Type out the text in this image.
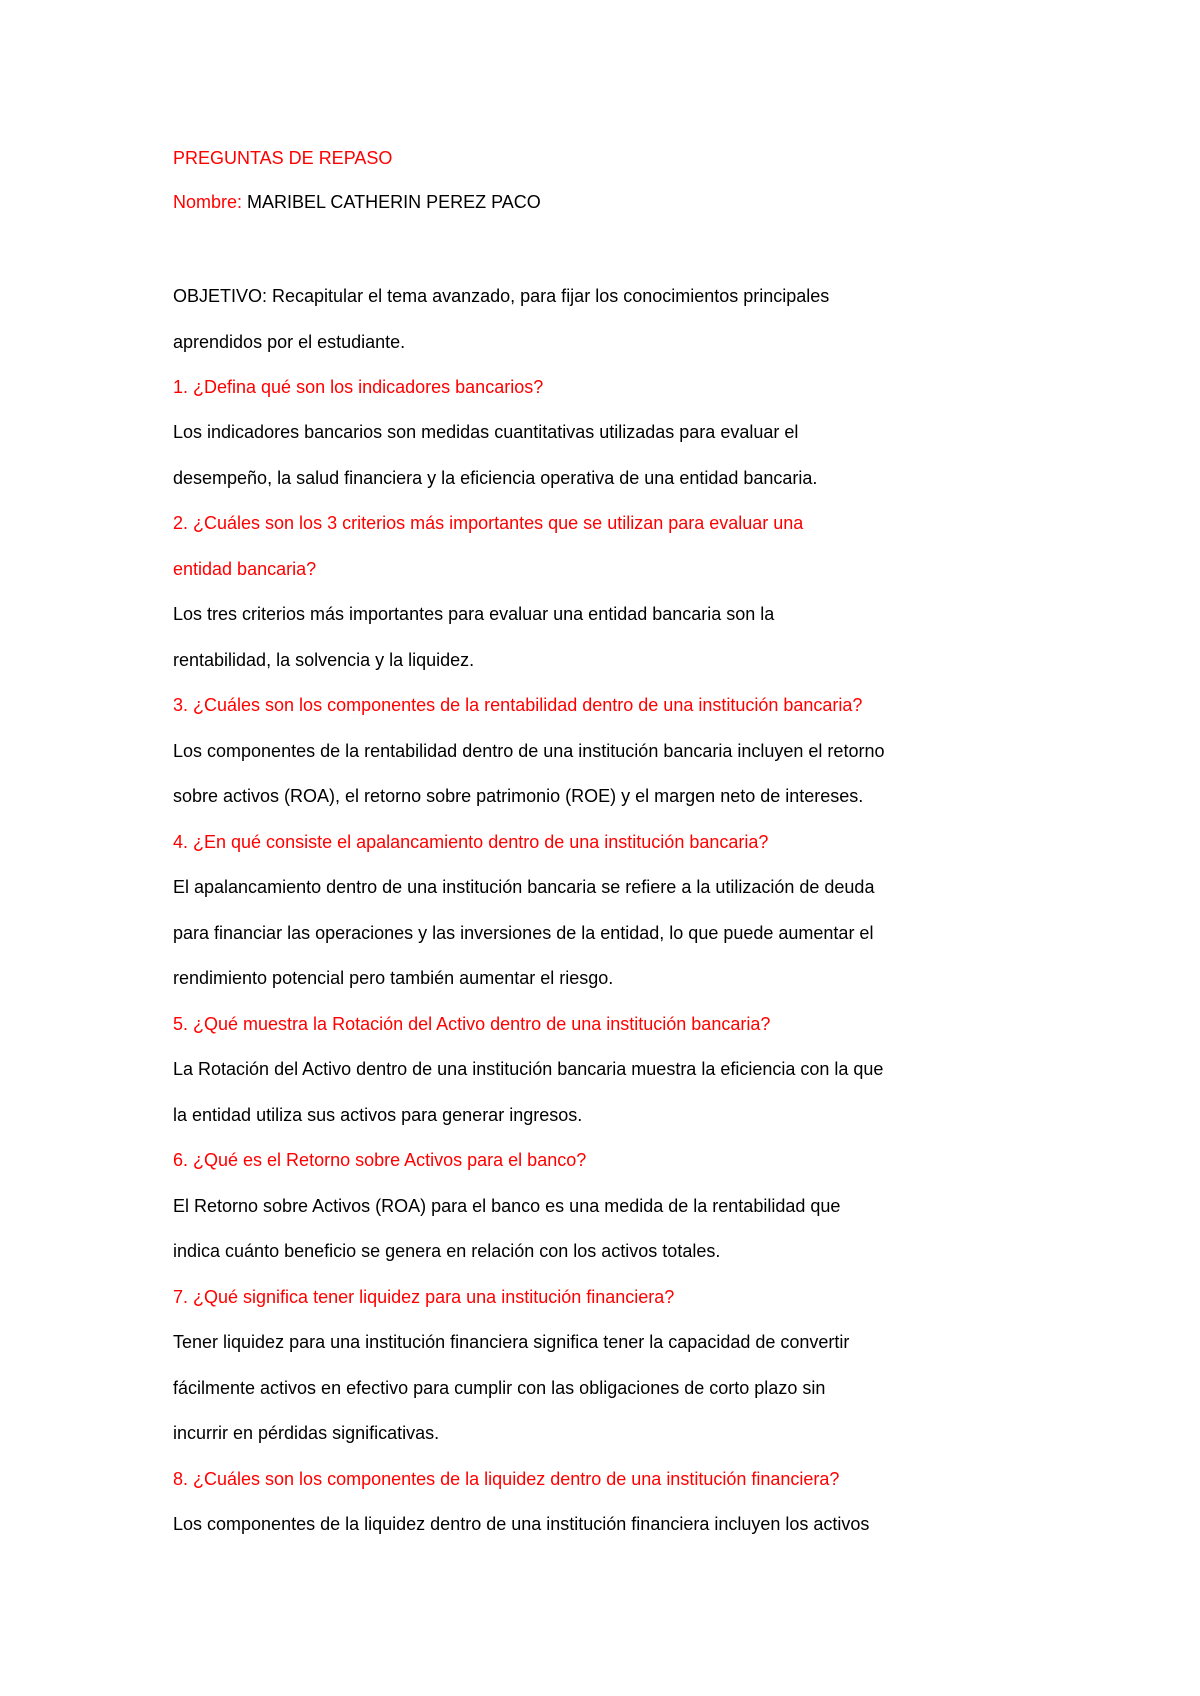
PREGUNTAS DE REPASO
Nombre: MARIBEL CATHERIN PEREZ PACO
OBJETIVO: Recapitular el tema avanzado, para fijar los conocimientos principales
aprendidos por el estudiante.
1. ¿Defina qué son los indicadores bancarios?
Los indicadores bancarios son medidas cuantitativas utilizadas para evaluar el
desempeño, la salud financiera y la eficiencia operativa de una entidad bancaria.
2. ¿Cuáles son los 3 criterios más importantes que se utilizan para evaluar una
entidad bancaria?
Los tres criterios más importantes para evaluar una entidad bancaria son la
rentabilidad, la solvencia y la liquidez.
3. ¿Cuáles son los componentes de la rentabilidad dentro de una institución bancaria?
Los componentes de la rentabilidad dentro de una institución bancaria incluyen el retorno
sobre activos (ROA), el retorno sobre patrimonio (ROE) y el margen neto de intereses.
4. ¿En qué consiste el apalancamiento dentro de una institución bancaria?
El apalancamiento dentro de una institución bancaria se refiere a la utilización de deuda
para financiar las operaciones y las inversiones de la entidad, lo que puede aumentar el
rendimiento potencial pero también aumentar el riesgo.
5. ¿Qué muestra la Rotación del Activo dentro de una institución bancaria?
La Rotación del Activo dentro de una institución bancaria muestra la eficiencia con la que
la entidad utiliza sus activos para generar ingresos.
6. ¿Qué es el Retorno sobre Activos para el banco?
El Retorno sobre Activos (ROA) para el banco es una medida de la rentabilidad que
indica cuánto beneficio se genera en relación con los activos totales.
7. ¿Qué significa tener liquidez para una institución financiera?
Tener liquidez para una institución financiera significa tener la capacidad de convertir
fácilmente activos en efectivo para cumplir con las obligaciones de corto plazo sin
incurrir en pérdidas significativas.
8. ¿Cuáles son los componentes de la liquidez dentro de una institución financiera?
Los componentes de la liquidez dentro de una institución financiera incluyen los activos
